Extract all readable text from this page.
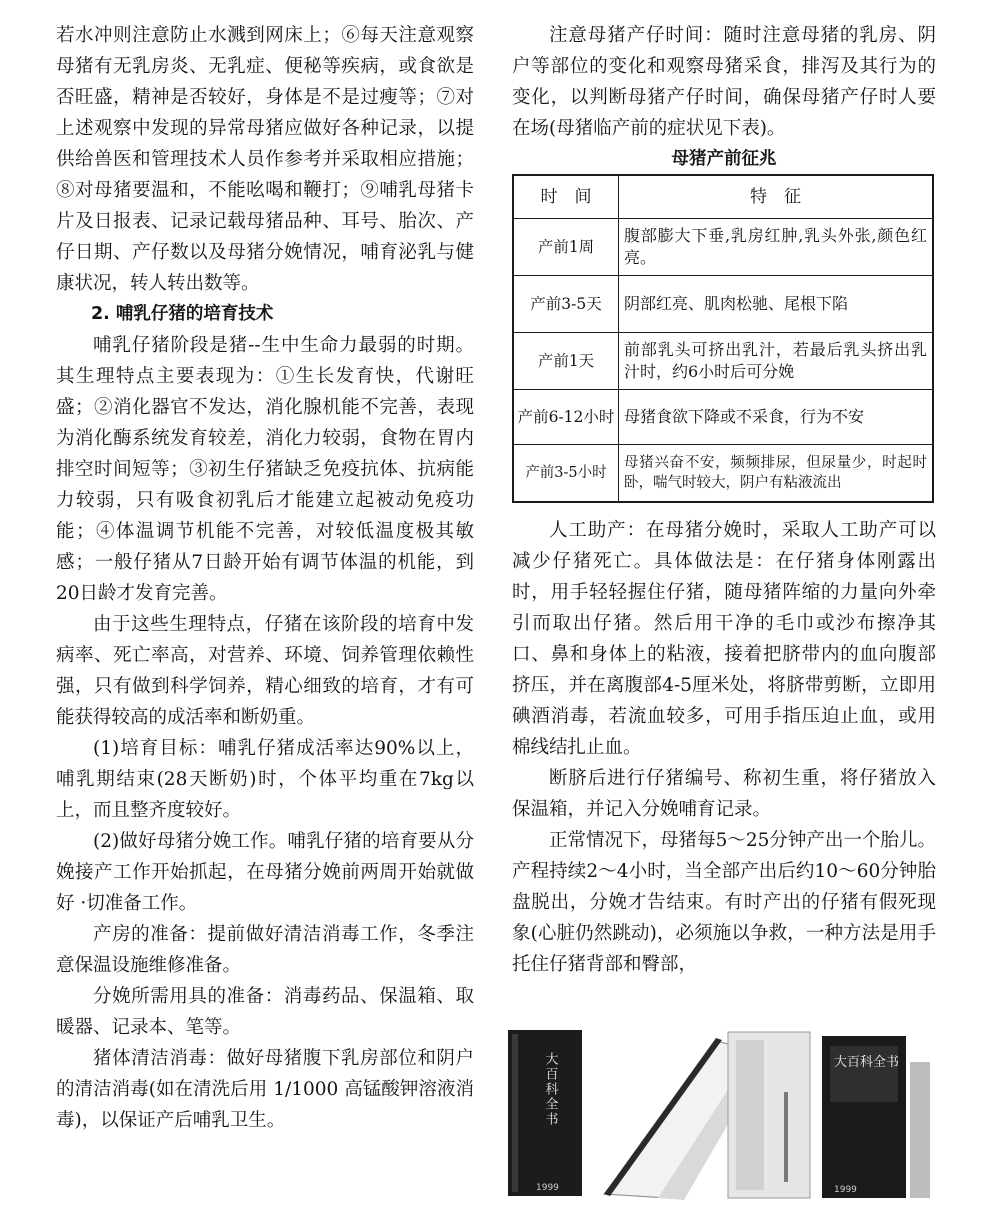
若水冲则注意防止水溅到网床上；⑥每天注意观察母猪有无乳房炎、无乳症、便秘等疾病，或食欲是否旺盛，精神是否较好，身体是不是过瘦等；⑦对上述观察中发现的异常母猪应做好各种记录，以提供给兽医和管理技术人员作参考并采取相应措施；⑧对母猪要温和，不能吆喝和鞭打；⑨哺乳母猪卡片及日报表、记录记载母猪品种、耳号、胎次、产仔日期、产仔数以及母猪分娩情况，哺育泌乳与健康状况，转人转出数等。

2. 哺乳仔猪的培育技术

哺乳仔猪阶段是猪--生中生命力最弱的时期。其生理特点主要表现为：①生长发育快，代谢旺盛；②消化器官不发达，消化腺机能不完善，表现为消化酶系统发育较差，消化力较弱，食物在胃内排空时间短等；③初生仔猪缺乏免疫抗体、抗病能力较弱，只有吸食初乳后才能建立起被动免疫功能；④体温调节机能不完善，对较低温度极其敏感；一般仔猪从7日龄开始有调节体温的机能，到20日龄才发育完善。

由于这些生理特点，仔猪在该阶段的培育中发病率、死亡率高，对营养、环境、饲养管理依赖性强，只有做到科学饲养，精心细致的培育，才有可能获得较高的成活率和断奶重。

(1)培育目标：哺乳仔猪成活率达90%以上，哺乳期结束(28天断奶)时，个体平均重在7kg以上，而且整齐度较好。

(2)做好母猪分娩工作。哺乳仔猪的培育要从分娩接产工作开始抓起，在母猪分娩前两周开始就做好 ·切准备工作。

产房的准备：提前做好清洁消毒工作，冬季注意保温设施维修准备。

分娩所需用具的准备：消毒药品、保温箱、取暖器、记录本、笔等。

猪体清洁消毒：做好母猪腹下乳房部位和阴户的清洁消毒(如在清洗后用 1/1000 高锰酸钾溶液消毒)，以保证产后哺乳卫生。

注意母猪产仔时间：随时注意母猪的乳房、阴户等部位的变化和观察母猪采食，排泻及其行为的变化，以判断母猪产仔时间，确保母猪产仔时人要在场(母猪临产前的症状见下表)。

母猪产前征兆

时　间	特　征
产前1周	腹部膨大下垂,乳房红肿,乳头外张,颜色红亮。
产前3-5天	阴部红亮、肌肉松驰、尾根下陷
产前1天	前部乳头可挤出乳汁，若最后乳头挤出乳汁时，约6小时后可分娩
产前6-12小时	母猪食欲下降或不采食，行为不安
产前3-5小时	母猪兴奋不安，频频排尿，但尿量少，时起时卧，喘气时较大，阴户有粘液流出

人工助产：在母猪分娩时，采取人工助产可以减少仔猪死亡。具体做法是：在仔猪身体刚露出时，用手轻轻握住仔猪，随母猪阵缩的力量向外牵引而取出仔猪。然后用干净的毛巾或沙布擦净其口、鼻和身体上的粘液，接着把脐带内的血向腹部挤压，并在离腹部4-5厘米处，将脐带剪断，立即用碘酒消毒，若流血较多，可用手指压迫止血，或用棉线结扎止血。

断脐后进行仔猪编号、称初生重，将仔猪放入保温箱，并记入分娩哺育记录。

正常情况下，母猪每5～25分钟产出一个胎儿。产程持续2～4小时，当全部产出后约10～60分钟胎盘脱出，分娩才告结束。有时产出的仔猪有假死现象(心脏仍然跳动)，必须施以争救，一种方法是用手托住仔猪背部和臀部，

大百科全书
1999
大百科全书
1999
